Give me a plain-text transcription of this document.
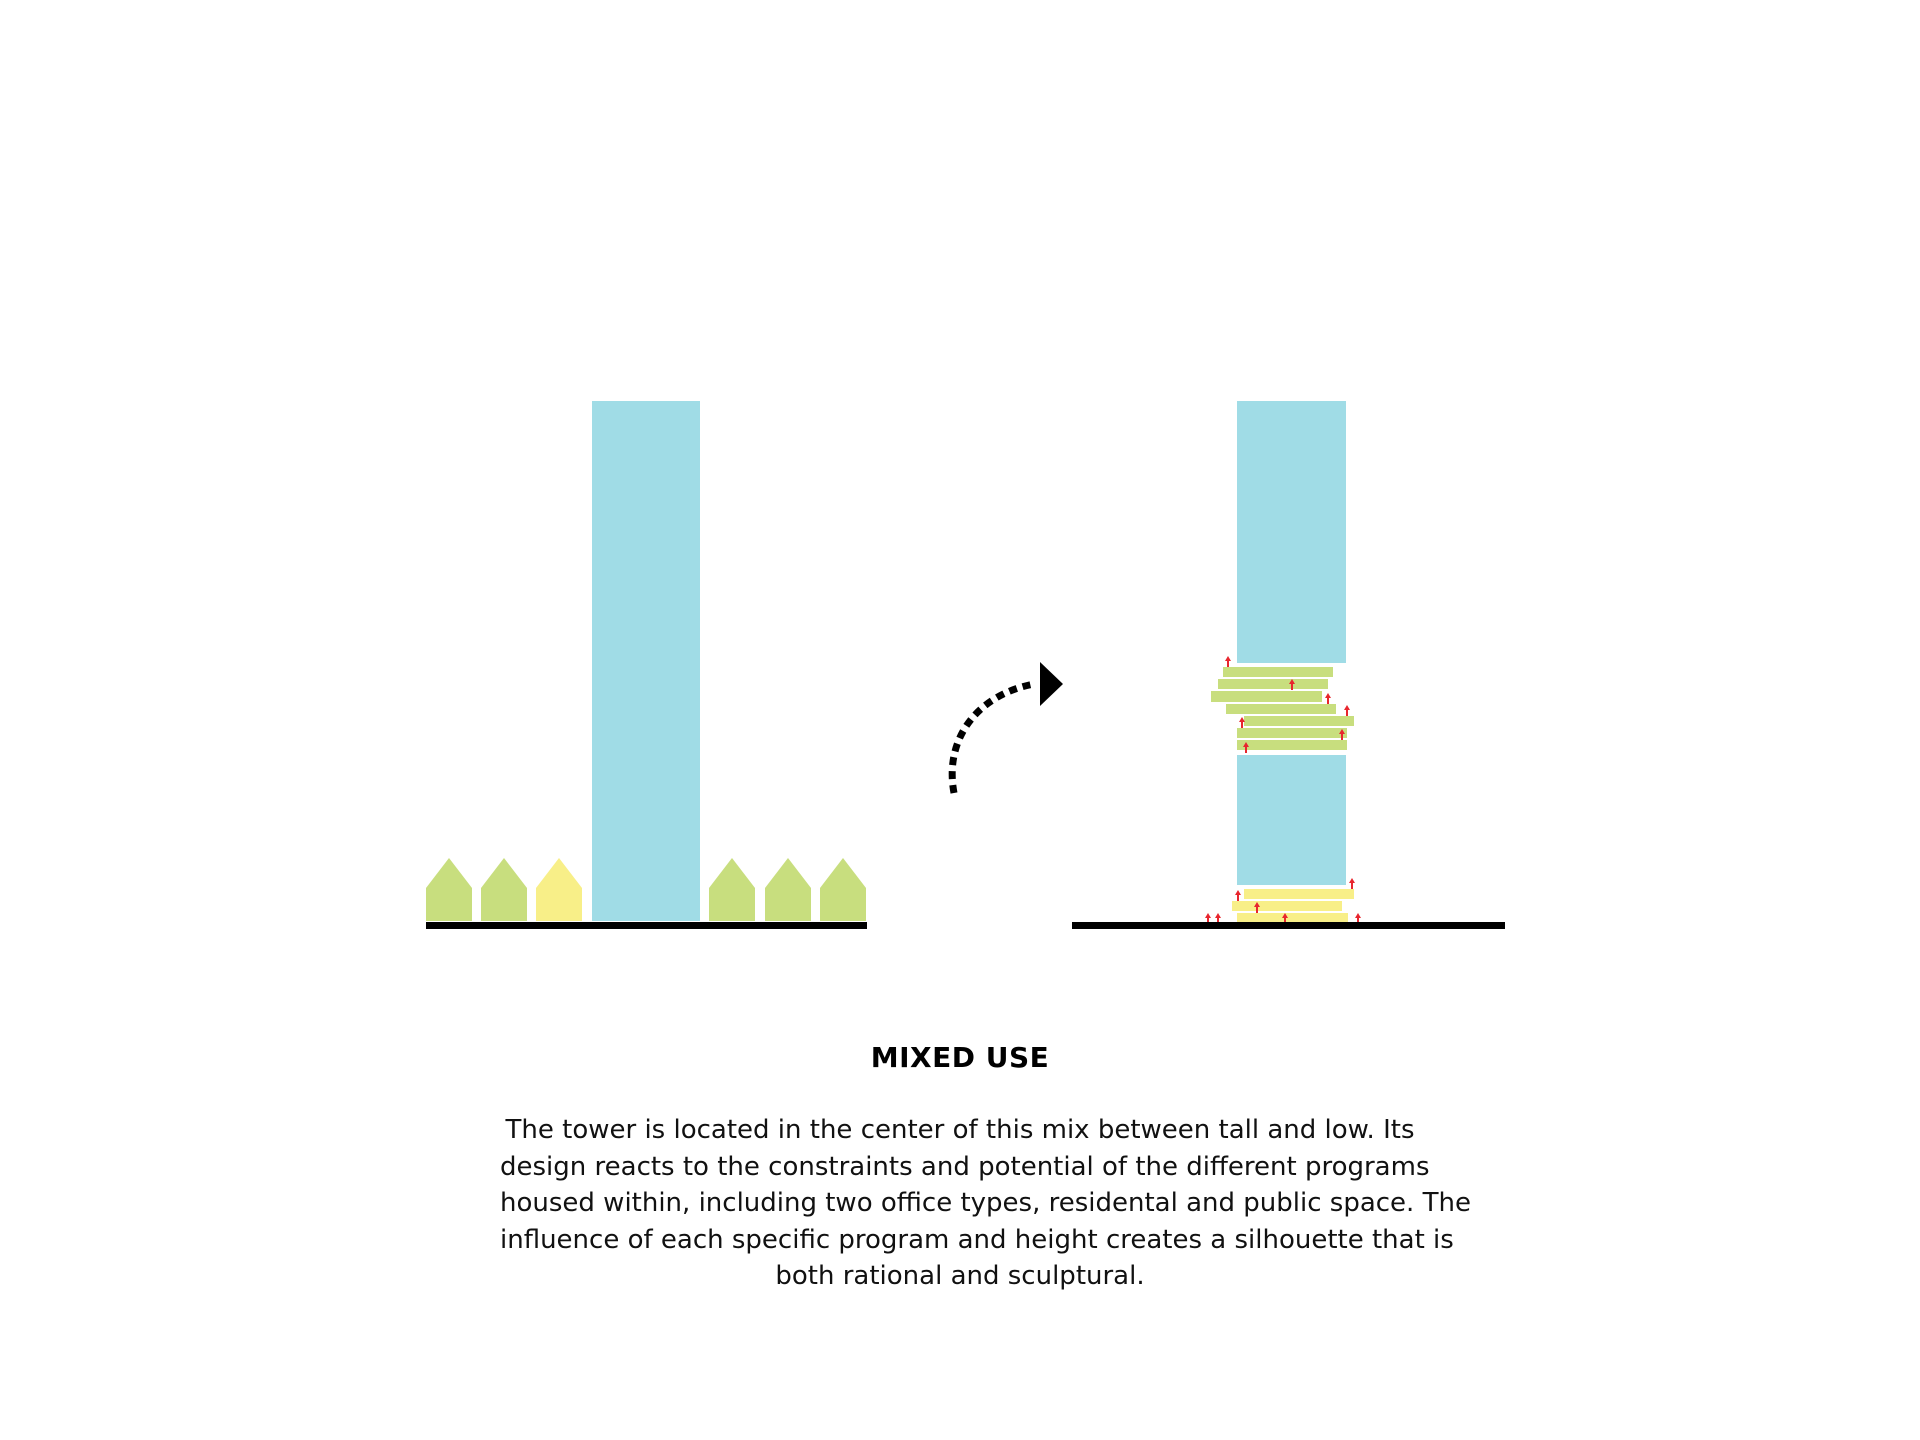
MIXED USE
The tower is located in the center of this mix between tall and low. Its
design reacts to the constraints and potential of the different programs
housed within, including two office types, residental and public space. The
influence of each specific program and height creates a silhouette that is
both rational and sculptural.
